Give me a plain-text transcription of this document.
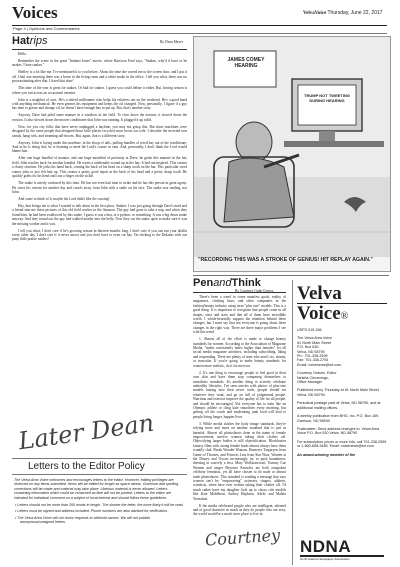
Voices	VelvaVoice Thursday, June 22, 2017
Page 4 | Opinions and Commentaries
Hatrips	By Dean Meyer

Hello.

Remember the scene in the great "Indiana Jones" movie, where Harrison Ford says, "Snakes, why'd it have to be snakes. I hate snakes."

Shelley is a lot like me. I've mentioned it to you before. About the time she waved me to the screen door, and I put it off. Until one morning there was a horse in the living room and a white snake in the office. I tell you what, there was no procrastinating after that. I fixed that door!

This time of the year is great for snakes. Or bad for snakes. I guess you could define it either. But, having season is where you run across an occasional varmint.

John is a neighbor of ours. He's a retired millionaire who helps his relatives out on the weekend. He's a good hand with anything mechanical. He even greases his equipment and keeps the oil changed. Now, personally, I figure if a guy has time to grease and change oil, he doesn't have enough hay to put up. But, that's another story.

Anyway, Dave had piled some manure in a windrow in the field. To slow down the erosion, it slowed down the erosion. It also slowed down the mower conditioner that John was running. It plugged it up solid.

Now, for you city folks that have never unplugged a haybine, you may not grasp this. But those machines were designed by the same people that designed those little plastic recycled snow boots our wife. I describe the inverted iron canals, hang rods, and steaming tall-downs. But, again, that is a different story.

Anyway, John is laying under this machine, in the sloop of tails, pulling bundles of weed hay out of the conditioner. And as he is doing this, he is learning to meet the Lord's course in vain. And, personally, I don't think the Lord would blame him.

After one huge handful of manure, and one huge mouthful of profanity at Dave, he grabs this manure in the hay field. John reaches back for another handful. He wears a rattlesnake wound up in the hay. It had run inspired. This creates a chatty reaction. He jerks his hand back, coming the back of his head on a sharp tooth on the bar. This particular word comes john or just felt hair up. This creates a pretty good repair at the back of his head and a pretty sharp tooth. He quickly grabs for his head and cuts a finger on the sickle.

The snake is utterly confused by this time. He has not even had time to strike and he has this person in great agony. He saves his venom for another day and crawls away from John with a smile on his face. The snake was smiling, not John.

And come to think of it, maybe the Lord didn't like the cussing!

Hey, that brings me to what I wanted to talk about in the first place. Snakes. I was just going through Dave's mail and a friend sent me these pictures of this old field worker in the Amazon. The guy had gone to take a nap, and when they found him, he had been swallowed by this snake. I guess it was a boa, or a python, or something. It was a big dawn snake anyway. And they found out the guy had walked nearby into the belly. Now they cut the snake open to make sure it was the missing worker and it was.

I tell you what, I don't care if he's growing season in thirteen months long, I don't care if you can run your alfalfa every other day, I don't care if it never snows and you don't have to even cut hay. I'm sticking to the Dakotas with our puny little prairie rattlers!

Later Dean
Letters to the Editor Policy

The Velva Area Voice welcomes and encourages letters to the editor. However, editing privileges are reserved on any items submitted. Items will be edited for length as space allows. Grammar and spelling corrections will be made and material may take place. Libelous material is never allowed. Letters containing information which could be construed as libel will not be printed. Letters to the editor are intended for individual comment on a subject of local interest and should follow these guidelines:

• Letters should not be more than 350 words in length. The shorter the letter, the more likely it will be read.

• Letters must be signed and address included. Phone numbers are also advised for verification.

• The Velva Area Voice will not honor requests to withhold names. We will not publish anonymous/unsigned letters.

JAMES COMEY HEARING
TRUMP NOT TWEETING DURING HEARING
"RECORDING THIS WAS A STROKE OF GENIUS! HIT REPLAY AGAIN."
PenandThink
By Courtney Gube Graves

There's been a trend to come manifest goals, reality of magazines, clothing lines, and other companies in the fashion/beauty industry using term "plus size" models. This is a good thing. It is important to recognize that people come in all shapes, sizes and sizes and that all of them have incredible worth. I whole-heartedly support the intention behind these changes, but I must say that not everyone is going about these changes in the right way. There are three major problems I see with this trend.

1. Almost all of the effort is made to change beauty standards for women. According to the Association of Magazine Media, "males consistently index higher than females" for all social media magazine activities, including subscribing, liking and responding. There are plenty of men who aren't six, skinny, or muscular. If you're going to make beauty standards for women more realistic, do it for men too.

2. It's one thing to encourage people to feel good in their own skin and have them stop comparing themselves to unrealistic standards. It's another thing to actively celebrate unhealthy lifestyles. I've seen articles with photos of plus-size models touting how their never work, people should eat whatever they want, and go on full of judgmental people. Nutrition and exercise improve the quality of life for all people, and should be encouraged. Not everyone has to train like an Olympic athlete or cling kale smoothies every morning, but getting off the couch and moderating junk food will lead to people living longer, happier lives.

3. While media slashes the body image standards, they're relying more and more on another standard that is just as harmful. Almost all photoshoots done in the name of female empowerment involve women taking their clothes off. Objectifying larger bodies is still objectification. Blockbuster fantasy films with strong female leads almost always have them scantily clad. Break Wonder Woman, Daenerys Targaryen from Game of Thrones, and Princess Leia from Star Wars. Women at the Disney and Oscars increasingly try to push boundaries, dressing in scarcely a first. Mary Wollstonecraft, Tommy Cue Women and singer Beyonce Knowles are both outspoken celebrity feminists, yet all have chosen to do nude or almost nude photoshoots. This standard is sending a message that says women can't be "empowering" actresses, singers, athletes, scientists, when have ever written taking their clothes off. I'd much rather have my daughter look up to classy role models like Kate Middleton, Audrey Hepburn, Adele, and Malala Yousafzai.

If the media celebrated people who are intelligent, talented and of good character as much as they do people who are sexy, the world would be a much nicer place to live in.

Courtney
Velva
Voice®
USPS 019-156
The Velva Area Voice
#1 North Main Street
P.O. Box 630
Velva, ND 58790
Ph.: 701-338-2599
Fax: 701-338-2705
Email: voicenews@srt.com
Courtney Graves, Editor
Neisha Clevenings,
Office Manager
Published every Thursday at #1 North Main Street Velva, ND 58790.
Periodical postage paid at Velva, ND 58790, and at additional mailing offices.
A weekly publication from BHG, Inc. P.O. Box 169, Garrison, ND 58540
Postmaster: Send address changes to: Velva Area Voice P.O. Box 630 Velva, ND 58790
For subscription prices or more info, call 701-338-2599 or 1-800-658-3485. Email: voicenews@srt.com
An award-winning member of the
NDNA
North Dakota Newspaper Association
